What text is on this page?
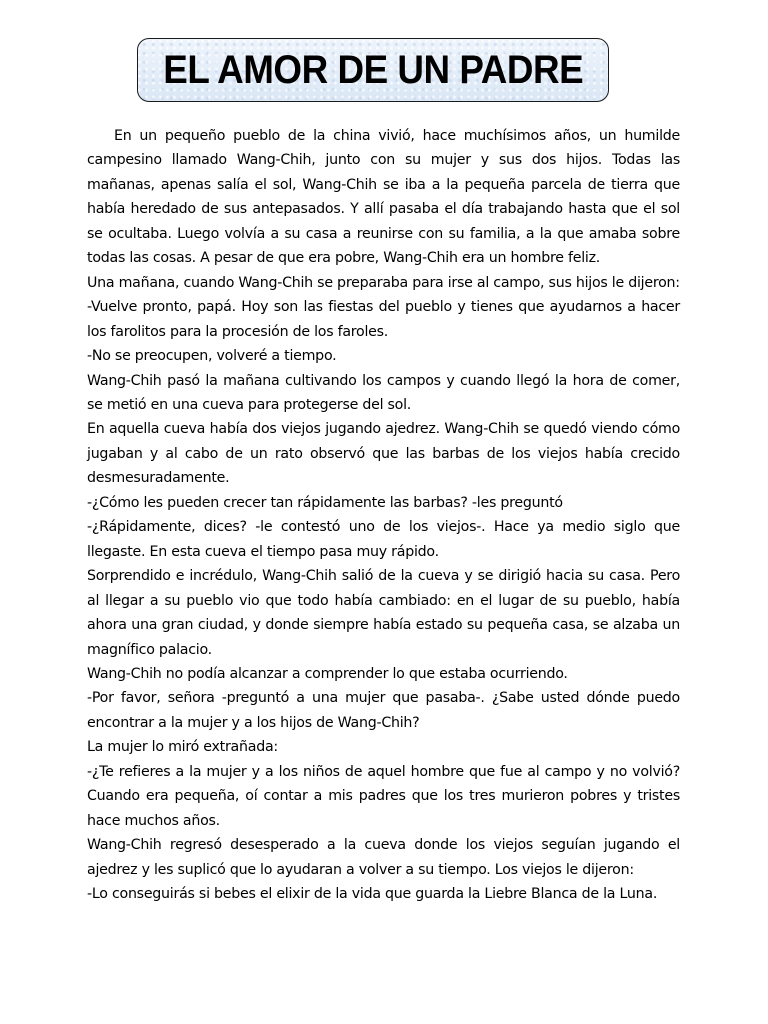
EL AMOR DE UN PADRE

En un pequeño pueblo de la china vivió, hace muchísimos años, un humilde campesino llamado Wang-Chih, junto con su mujer y sus dos hijos. Todas las mañanas, apenas salía el sol, Wang-Chih se iba a la pequeña parcela de tierra que había heredado de sus antepasados. Y allí pasaba el día trabajando hasta que el sol se ocultaba. Luego volvía a su casa a reunirse con su familia, a la que amaba sobre todas las cosas. A pesar de que era pobre, Wang-Chih era un hombre feliz.

Una mañana, cuando Wang-Chih se preparaba para irse al campo, sus hijos le dijeron:

-Vuelve pronto, papá. Hoy son las fiestas del pueblo y tienes que ayudarnos a hacer los farolitos para la procesión de los faroles.

-No se preocupen, volveré a tiempo.

Wang-Chih pasó la mañana cultivando los campos y cuando llegó la hora de comer, se metió en una cueva para protegerse del sol.

En aquella cueva había dos viejos jugando ajedrez. Wang-Chih se quedó viendo cómo jugaban y al cabo de un rato observó que las barbas de los viejos había crecido desmesuradamente.

-¿Cómo les pueden crecer tan rápidamente las barbas? -les preguntó

-¿Rápidamente, dices? -le contestó uno de los viejos-. Hace ya medio siglo que llegaste. En esta cueva el tiempo pasa muy rápido.

Sorprendido e incrédulo, Wang-Chih salió de la cueva y se dirigió hacia su casa. Pero al llegar a su pueblo vio que todo había cambiado: en el lugar de su pueblo, había ahora una gran ciudad, y donde siempre había estado su pequeña casa, se alzaba un magnífico palacio.

Wang-Chih no podía alcanzar a comprender lo que estaba ocurriendo.

-Por favor, señora -preguntó a una mujer que pasaba-. ¿Sabe usted dónde puedo encontrar a la mujer y a los hijos de Wang-Chih?

La mujer lo miró extrañada:

-¿Te refieres a la mujer y a los niños de aquel hombre que fue al campo y no volvió? Cuando era pequeña, oí contar a mis padres que los tres murieron pobres y tristes hace muchos años.

Wang-Chih regresó desesperado a la cueva donde los viejos seguían jugando el ajedrez y les suplicó que lo ayudaran a volver a su tiempo. Los viejos le dijeron:

-Lo conseguirás si bebes el elixir de la vida que guarda la Liebre Blanca de la Luna.
